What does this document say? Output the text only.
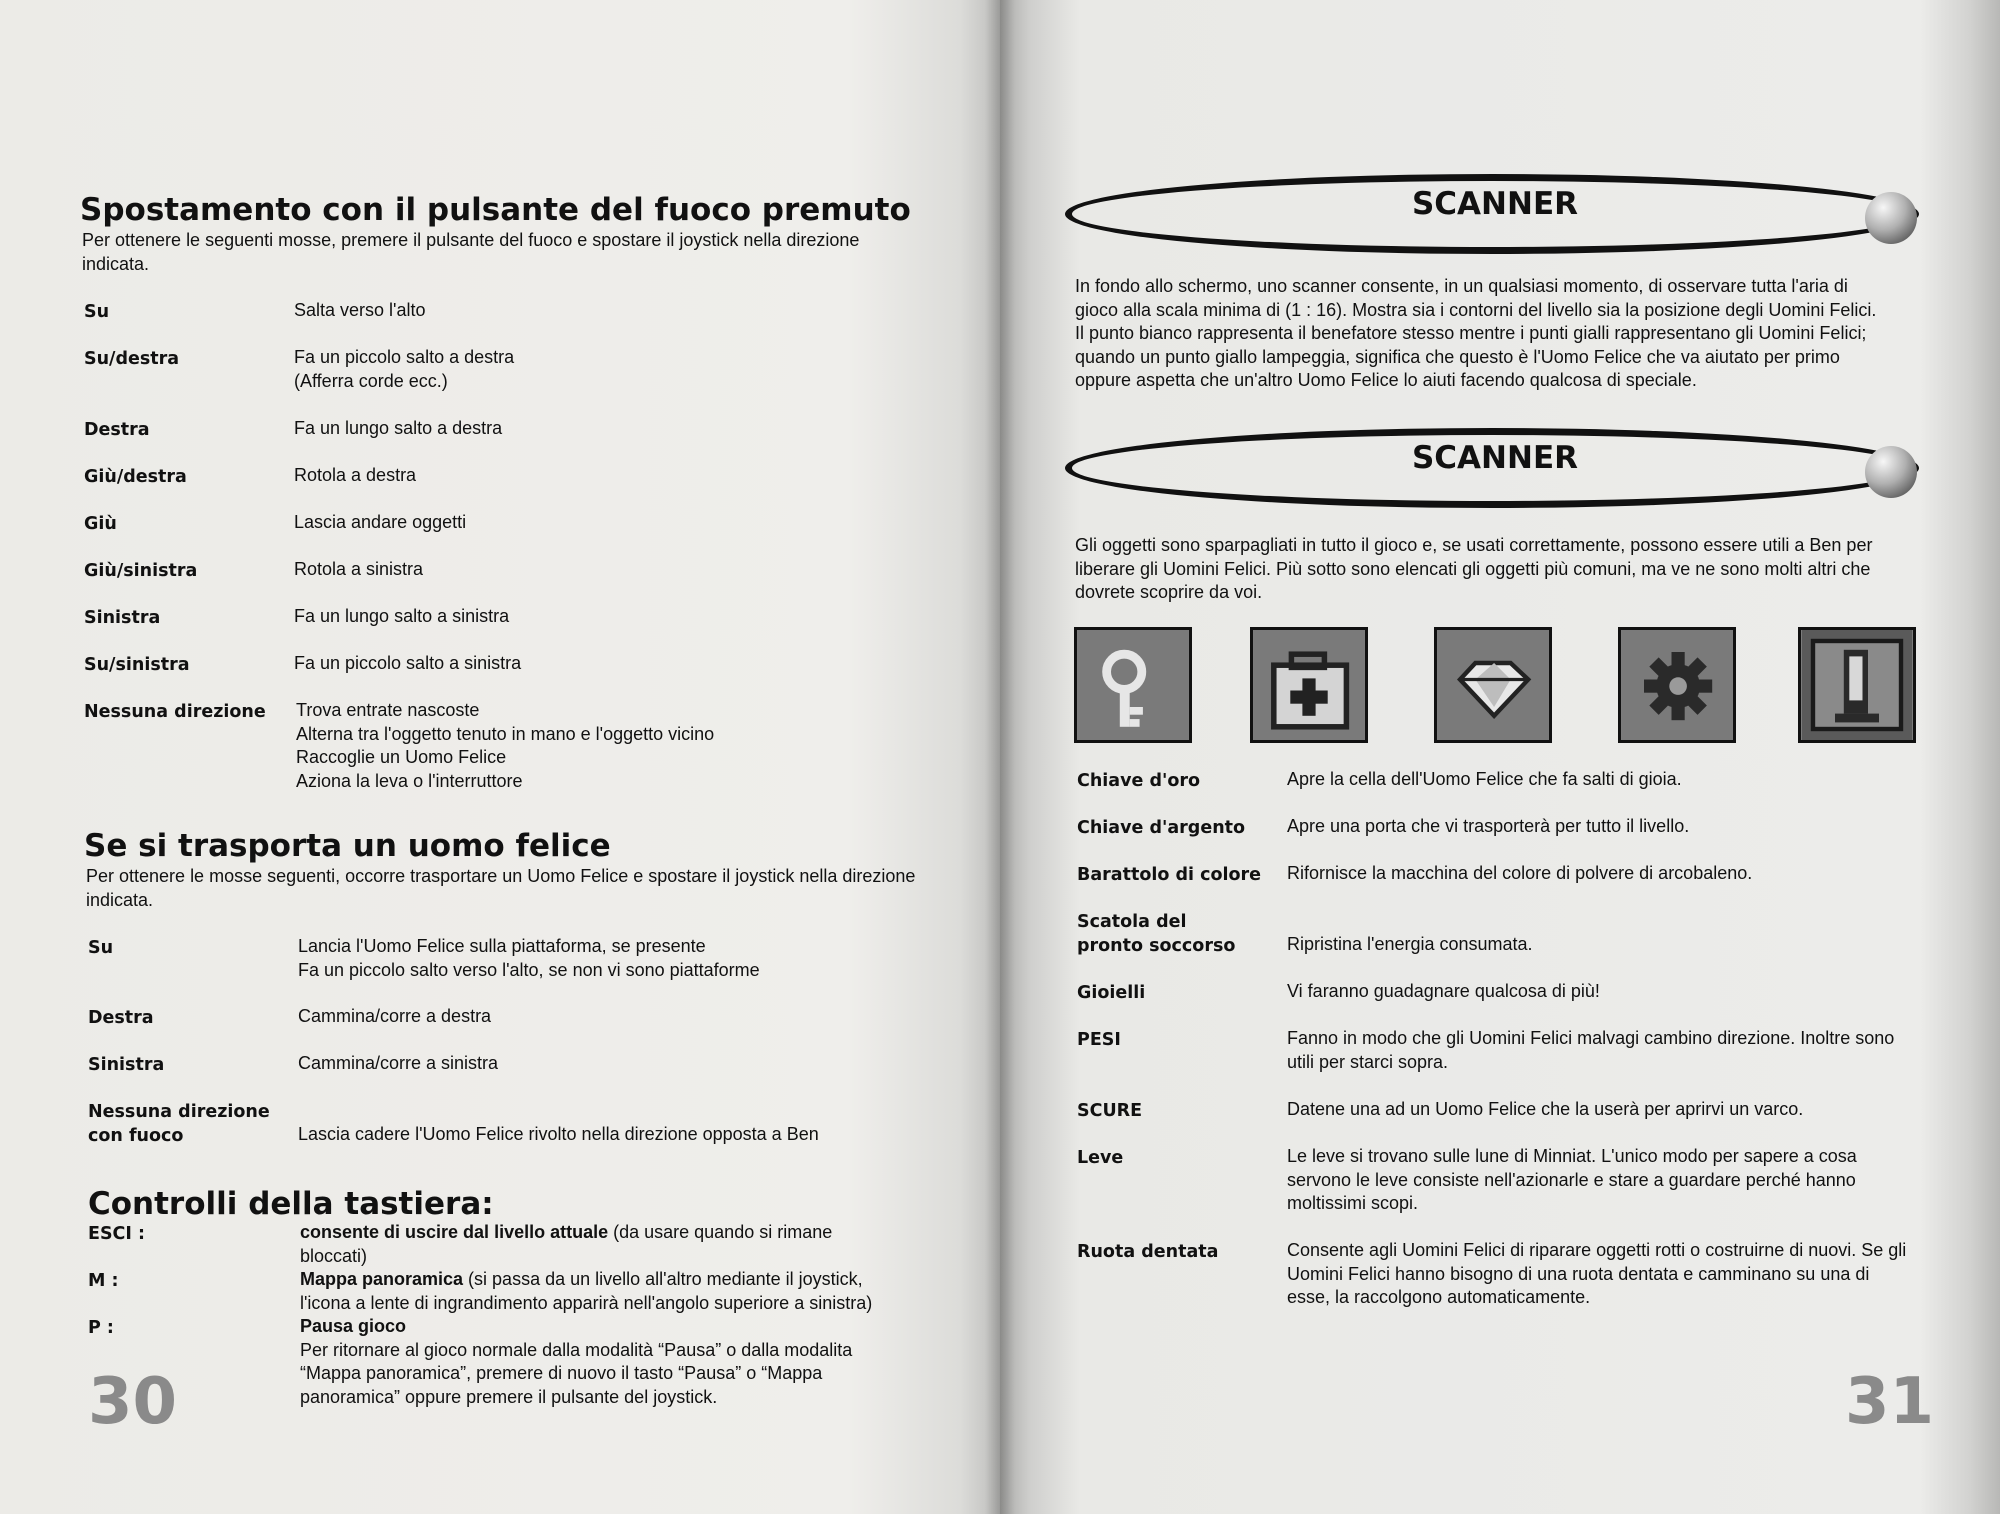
Spostamento con il pulsante del fuoco premuto
Per ottenere le seguenti mosse, premere il pulsante del fuoco e spostare il joystick nella direzione indicata.
Su	Salta verso l'alto
Su/destra	Fa un piccolo salto a destra
(Afferra corde ecc.)
Destra	Fa un lungo salto a destra
Giù/destra	Rotola a destra
Giù	Lascia andare oggetti
Giù/sinistra	Rotola a sinistra
Sinistra	Fa un lungo salto a sinistra
Su/sinistra	Fa un piccolo salto a sinistra
Nessuna direzione	Trova entrate nascoste
Alterna tra l'oggetto tenuto in mano e l'oggetto vicino
Raccoglie un Uomo Felice
Aziona la leva o l'interruttore
Se si trasporta un uomo felice
Per ottenere le mosse seguenti, occorre trasportare un Uomo Felice e spostare il joystick nella direzione indicata.
Su	Lancia l'Uomo Felice sulla piattaforma, se presente
Fa un piccolo salto verso l'alto, se non vi sono piattaforme
Destra	Cammina/corre a destra
Sinistra	Cammina/corre a sinistra
Nessuna direzione con fuoco	Lascia cadere l'Uomo Felice rivolto nella direzione opposta a Ben
Controlli della tastiera:
ESCI :	consente di uscire dal livello attuale (da usare quando si rimane bloccati)
M :	Mappa panoramica (si passa da un livello all'altro mediante il joystick, l'icona a lente di ingrandimento apparirà nell'angolo superiore a sinistra)
P :	Pausa gioco
Per ritornare al gioco normale dalla modalità “Pausa” o dalla modalita “Mappa panoramica”, premere di nuovo il tasto “Pausa” o “Mappa panoramica” oppure premere il pulsante del joystick.
30
SCANNER
In fondo allo schermo, uno scanner consente, in un qualsiasi momento, di osservare tutta l'aria di gioco alla scala minima di (1 : 16). Mostra sia i contorni del livello sia la posizione degli Uomini Felici. Il punto bianco rappresenta il benefatore stesso mentre i punti gialli rappresentano gli Uomini Felici; quando un punto giallo lampeggia, significa che questo è l'Uomo Felice che va aiutato per primo oppure aspetta che un'altro Uomo Felice lo aiuti facendo qualcosa di speciale.
SCANNER
Gli oggetti sono sparpagliati in tutto il gioco e, se usati correttamente, possono essere utili a Ben per liberare gli Uomini Felici. Più sotto sono elencati gli oggetti più comuni, ma ve ne sono molti altri che dovrete scoprire da voi.
Chiave d'oro	Apre la cella dell'Uomo Felice che fa salti di gioia.
Chiave d'argento	Apre una porta che vi trasporterà per tutto il livello.
Barattolo di colore	Rifornisce la macchina del colore di polvere di arcobaleno.
Scatola del pronto soccorso	Ripristina l'energia consumata.
Gioielli	Vi faranno guadagnare qualcosa di più!
PESI	Fanno in modo che gli Uomini Felici malvagi cambino direzione. Inoltre sono utili per starci sopra.
SCURE	Datene una ad un Uomo Felice che la userà per aprirvi un varco.
Leve	Le leve si trovano sulle lune di Minniat. L'unico modo per sapere a cosa servono le leve consiste nell'azionarle e stare a guardare perché hanno moltissimi scopi.
Ruota dentata	Consente agli Uomini Felici di riparare oggetti rotti o costruirne di nuovi. Se gli Uomini Felici hanno bisogno di una ruota dentata e camminano su una di esse, la raccolgono automaticamente.
31
